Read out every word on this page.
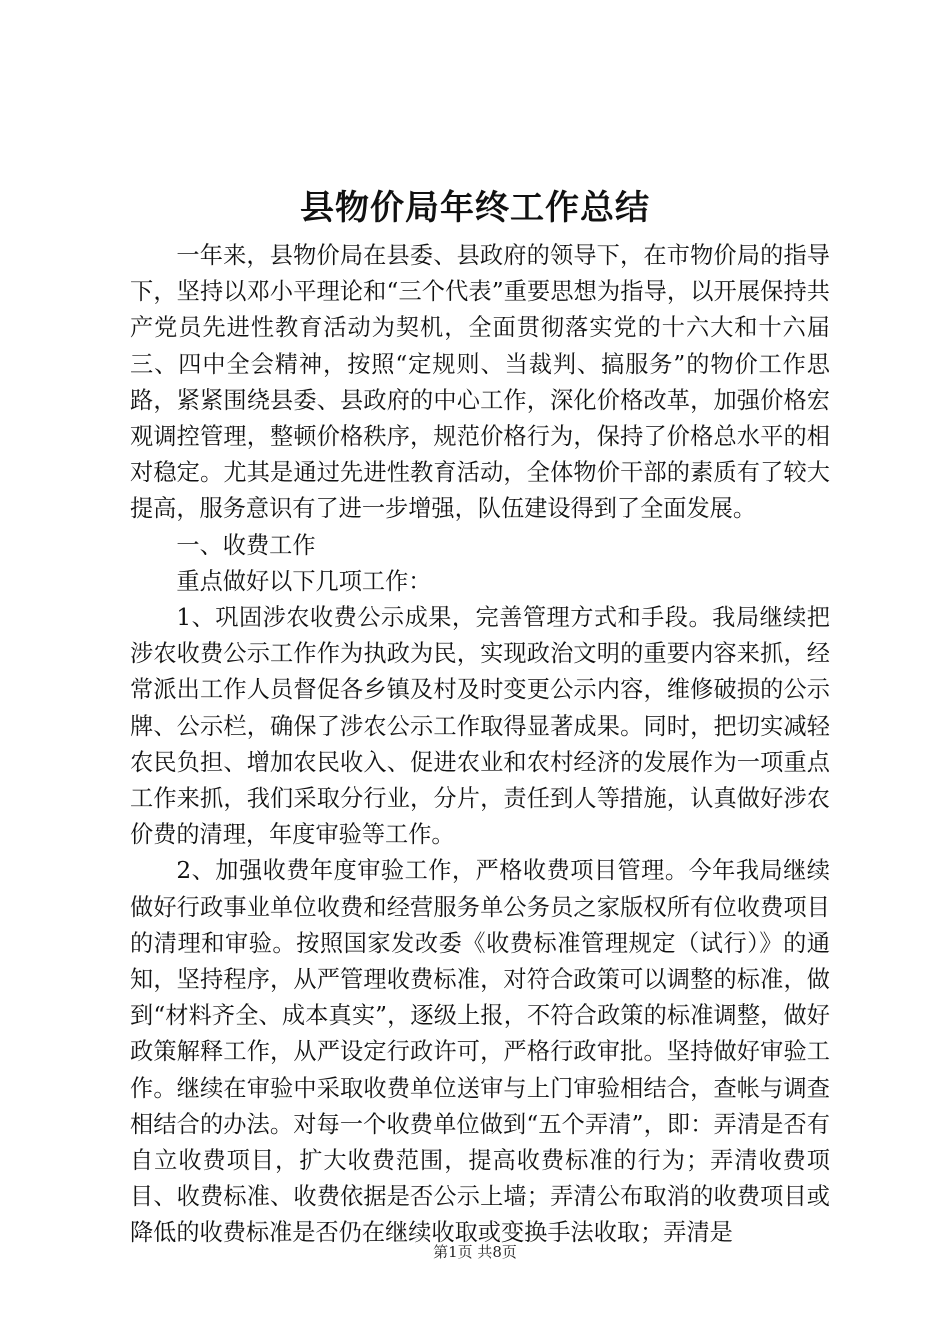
县物价局年终工作总结

一年来，县物价局在县委、县政府的领导下，在市物价局的指导下，坚持以邓小平理论和“三个代表”重要思想为指导，以开展保持共产党员先进性教育活动为契机，全面贯彻落实党的十六大和十六届三、四中全会精神，按照“定规则、当裁判、搞服务”的物价工作思路，紧紧围绕县委、县政府的中心工作，深化价格改革，加强价格宏观调控管理，整顿价格秩序，规范价格行为，保持了价格总水平的相对稳定。尤其是通过先进性教育活动，全体物价干部的素质有了较大提高，服务意识有了进一步增强，队伍建设得到了全面发展。

一、收费工作

重点做好以下几项工作：

1、巩固涉农收费公示成果，完善管理方式和手段。我局继续把涉农收费公示工作作为执政为民，实现政治文明的重要内容来抓，经常派出工作人员督促各乡镇及村及时变更公示内容，维修破损的公示牌、公示栏，确保了涉农公示工作取得显著成果。同时，把切实减轻农民负担、增加农民收入、促进农业和农村经济的发展作为一项重点工作来抓，我们采取分行业，分片，责任到人等措施，认真做好涉农价费的清理，年度审验等工作。

2、加强收费年度审验工作，严格收费项目管理。今年我局继续做好行政事业单位收费和经营服务单公务员之家版权所有位收费项目的清理和审验。按照国家发改委《收费标准管理规定（试行）》的通知，坚持程序，从严管理收费标准，对符合政策可以调整的标准，做到“材料齐全、成本真实”，逐级上报，不符合政策的标准调整，做好政策解释工作，从严设定行政许可，严格行政审批。坚持做好审验工作。继续在审验中采取收费单位送审与上门审验相结合，查帐与调查相结合的办法。对每一个收费单位做到“五个弄清”，即：弄清是否有自立收费项目，扩大收费范围，提高收费标准的行为；弄清收费项目、收费标准、收费依据是否公示上墙；弄清公布取消的收费项目或降低的收费标准是否仍在继续收取或变换手法收取；弄清是

第1页 共8页
